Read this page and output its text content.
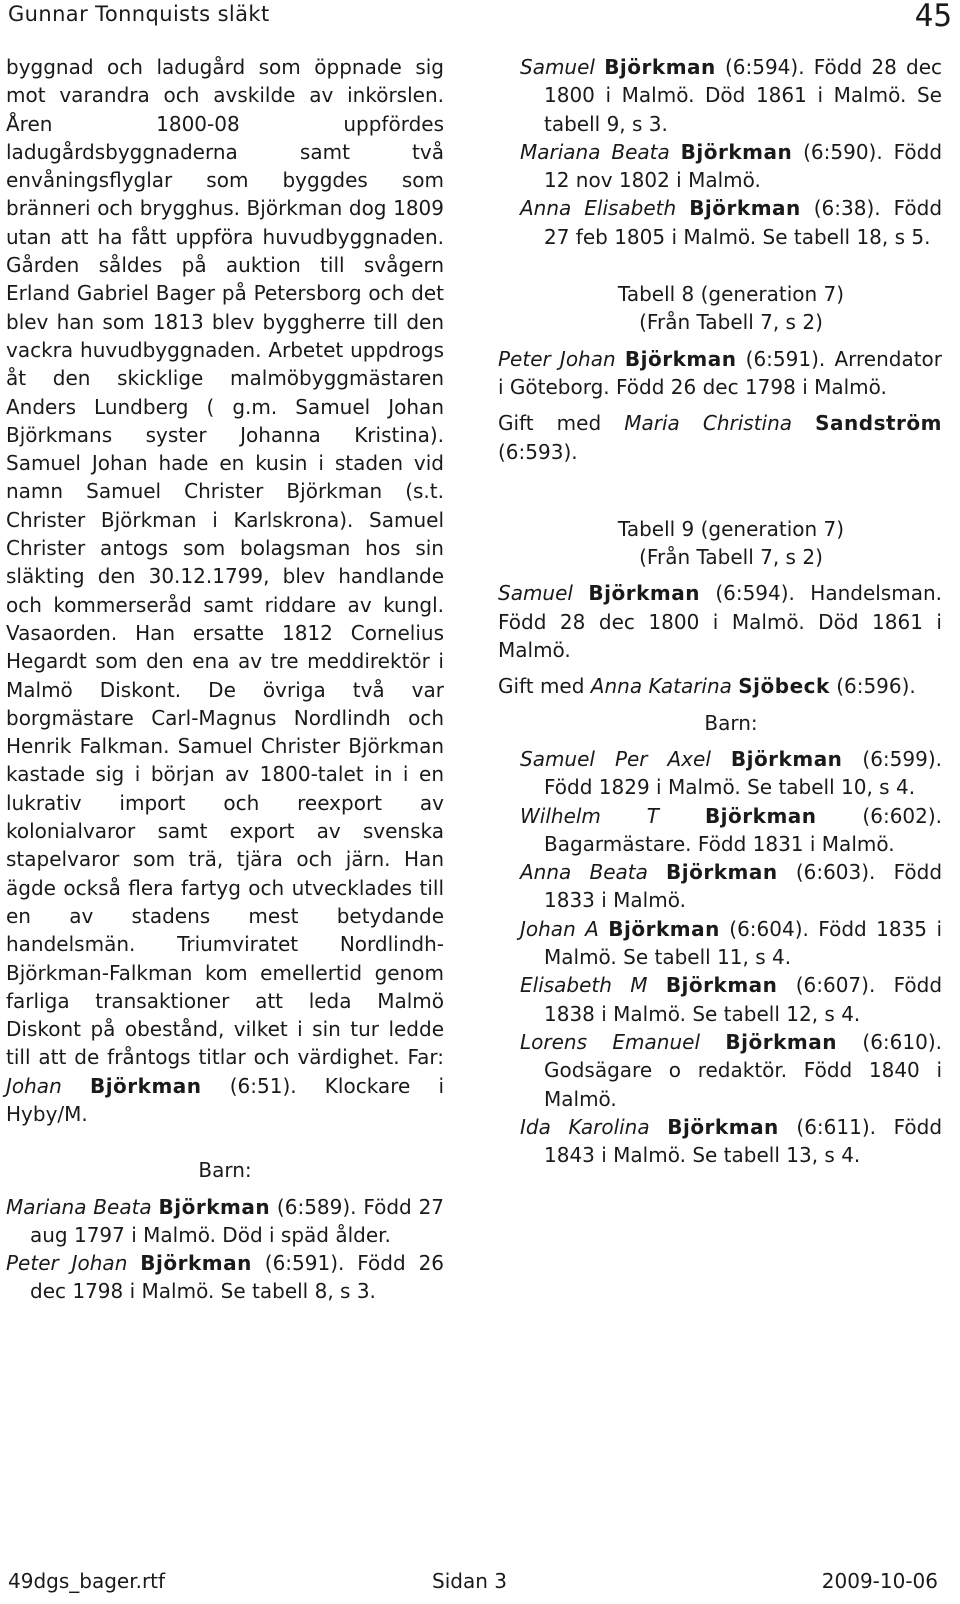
Gunnar Tonnquists släkt	45

byggnad och ladugård som öppnade sig mot varandra och avskilde av inkörslen. Åren 1800-08 uppfördes ladugårdsbyggnaderna samt två envåningsflyglar som byggdes som bränneri och brygghus. Björkman dog 1809 utan att ha fått uppföra huvudbyggnaden. Gården såldes på auktion till svågern Erland Gabriel Bager på Petersborg och det blev han som 1813 blev byggherre till den vackra huvudbyggnaden. Arbetet uppdrogs åt den skicklige malmöbyggmästaren Anders Lundberg ( g.m. Samuel Johan Björkmans syster Johanna Kristina). Samuel Johan hade en kusin i staden vid namn Samuel Christer Björkman (s.t. Christer Björkman i Karlskrona). Samuel Christer antogs som bolagsman hos sin släkting den 30.12.1799, blev handlande och kommerseråd samt riddare av kungl. Vasaorden. Han ersatte 1812 Cornelius Hegardt som den ena av tre meddirektör i Malmö Diskont. De övriga två var borgmästare Carl-Magnus Nordlindh och Henrik Falkman. Samuel Christer Björkman kastade sig i början av 1800-talet in i en lukrativ import och reexport av kolonialvaror samt export av svenska stapelvaror som trä, tjära och järn. Han ägde också flera fartyg och utvecklades till en av stadens mest betydande handelsmän. Triumviratet Nordlindh-Björkman-Falkman kom emellertid genom farliga transaktioner att leda Malmö Diskont på obestånd, vilket i sin tur ledde till att de fråntogs titlar och värdighet. Far: Johan Björkman (6:51). Klockare i Hyby/M.

Barn:

Mariana Beata Björkman (6:589). Född 27 aug 1797 i Malmö. Död i späd ålder.

Peter Johan Björkman (6:591). Född 26 dec 1798 i Malmö. Se tabell 8, s 3.

Samuel Björkman (6:594). Född 28 dec 1800 i Malmö. Död 1861 i Malmö. Se tabell 9, s 3.

Mariana Beata Björkman (6:590). Född 12 nov 1802 i Malmö.

Anna Elisabeth Björkman (6:38). Född 27 feb 1805 i Malmö. Se tabell 18, s 5.

Tabell 8 (generation 7)

(Från Tabell 7, s 2)

Peter Johan Björkman (6:591). Arrendator i Göteborg. Född 26 dec 1798 i Malmö.

Gift med Maria Christina Sandström (6:593).

Tabell 9 (generation 7)

(Från Tabell 7, s 2)

Samuel Björkman (6:594). Handelsman. Född 28 dec 1800 i Malmö. Död 1861 i Malmö.

Gift med Anna Katarina Sjöbeck (6:596).

Barn:

Samuel Per Axel Björkman (6:599). Född 1829 i Malmö. Se tabell 10, s 4.

Wilhelm T Björkman (6:602). Bagarmästare. Född 1831 i Malmö.

Anna Beata Björkman (6:603). Född 1833 i Malmö.

Johan A Björkman (6:604). Född 1835 i Malmö. Se tabell 11, s 4.

Elisabeth M Björkman (6:607). Född 1838 i Malmö. Se tabell 12, s 4.

Lorens Emanuel Björkman (6:610). Godsägare o redaktör. Född 1840 i Malmö.

Ida Karolina Björkman (6:611). Född 1843 i Malmö. Se tabell 13, s 4.

49dgs_bager.rtf	Sidan 3	2009-10-06
